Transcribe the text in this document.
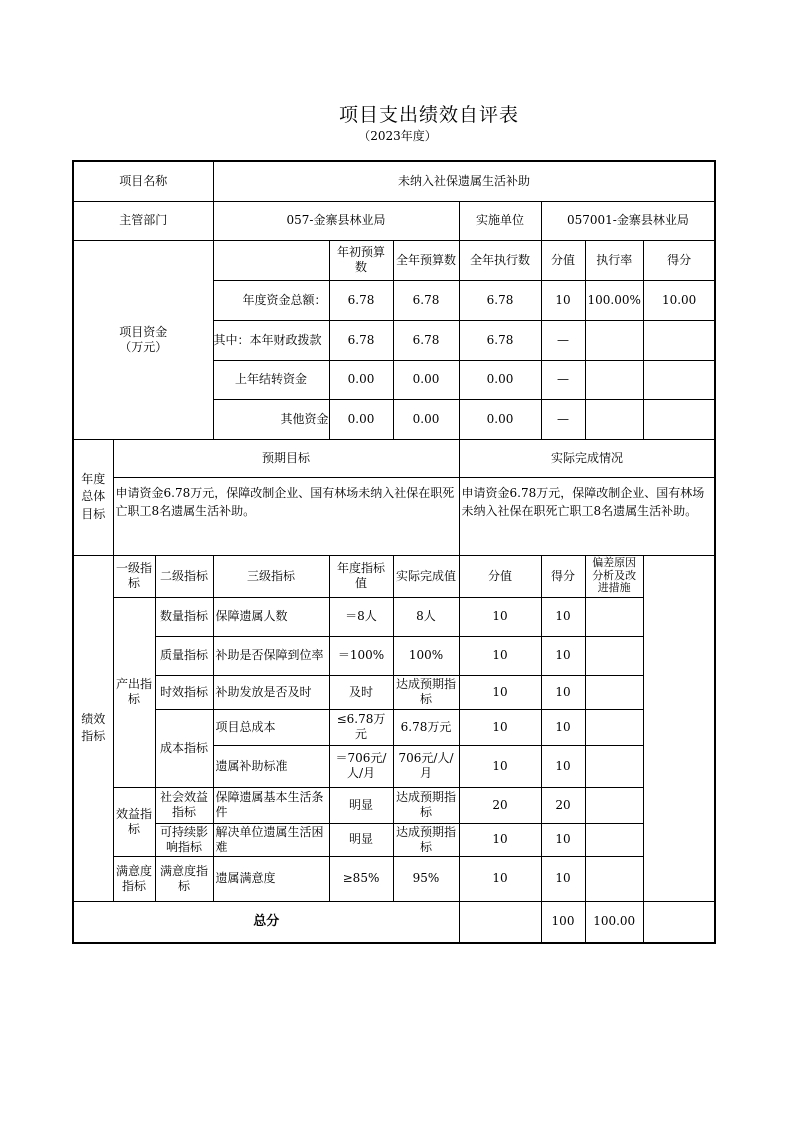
项目支出绩效自评表
（2023年度）
项目名称			未纳入社保遗属生活补助						
主管部门			057-金寨县林业局			实施单位	057001-金寨县林业局		
项目资金
（万元）				年初预算数	全年预算数	全年执行数	分值	执行率	得分
			年度资金总额：	6.78	6.78	6.78	10	100.00%	10.00
			其中：本年财政拨款	6.78	6.78	6.78	—		
			上年结转资金	0.00	0.00	0.00	—		
			其他资金	0.00	0.00	0.00	—		
年度总体目标	预期目标					实际完成情况			
	申请资金6.78万元，保障改制企业、国有林场未纳入社保在职死亡职工8名遗属生活补助。					申请资金6.78万元，保障改制企业、国有林场未纳入社保在职死亡职工8名遗属生活补助。			
绩效指标	一级指标	二级指标	三级指标	年度指标值	实际完成值	分值	得分	偏差原因分析及改进措施	
	产出指标	数量指标	保障遗属人数	＝8人	8人	10	10		
		质量指标	补助是否保障到位率	＝100%	100%	10	10		
		时效指标	补助发放是否及时	及时	达成预期指标	10	10		
		成本指标	项目总成本	≤6.78万元	6.78万元	10	10		
			遗属补助标准	＝706元/人/月	706元/人/月	10	10		
	效益指标	社会效益指标	保障遗属基本生活条件	明显	达成预期指标	20	20		
		可持续影响指标	解决单位遗属生活困难	明显	达成预期指标	10	10		
	满意度指标	满意度指标	遗属满意度	≥85%	95%	10	10		
总分							100	100.00	
